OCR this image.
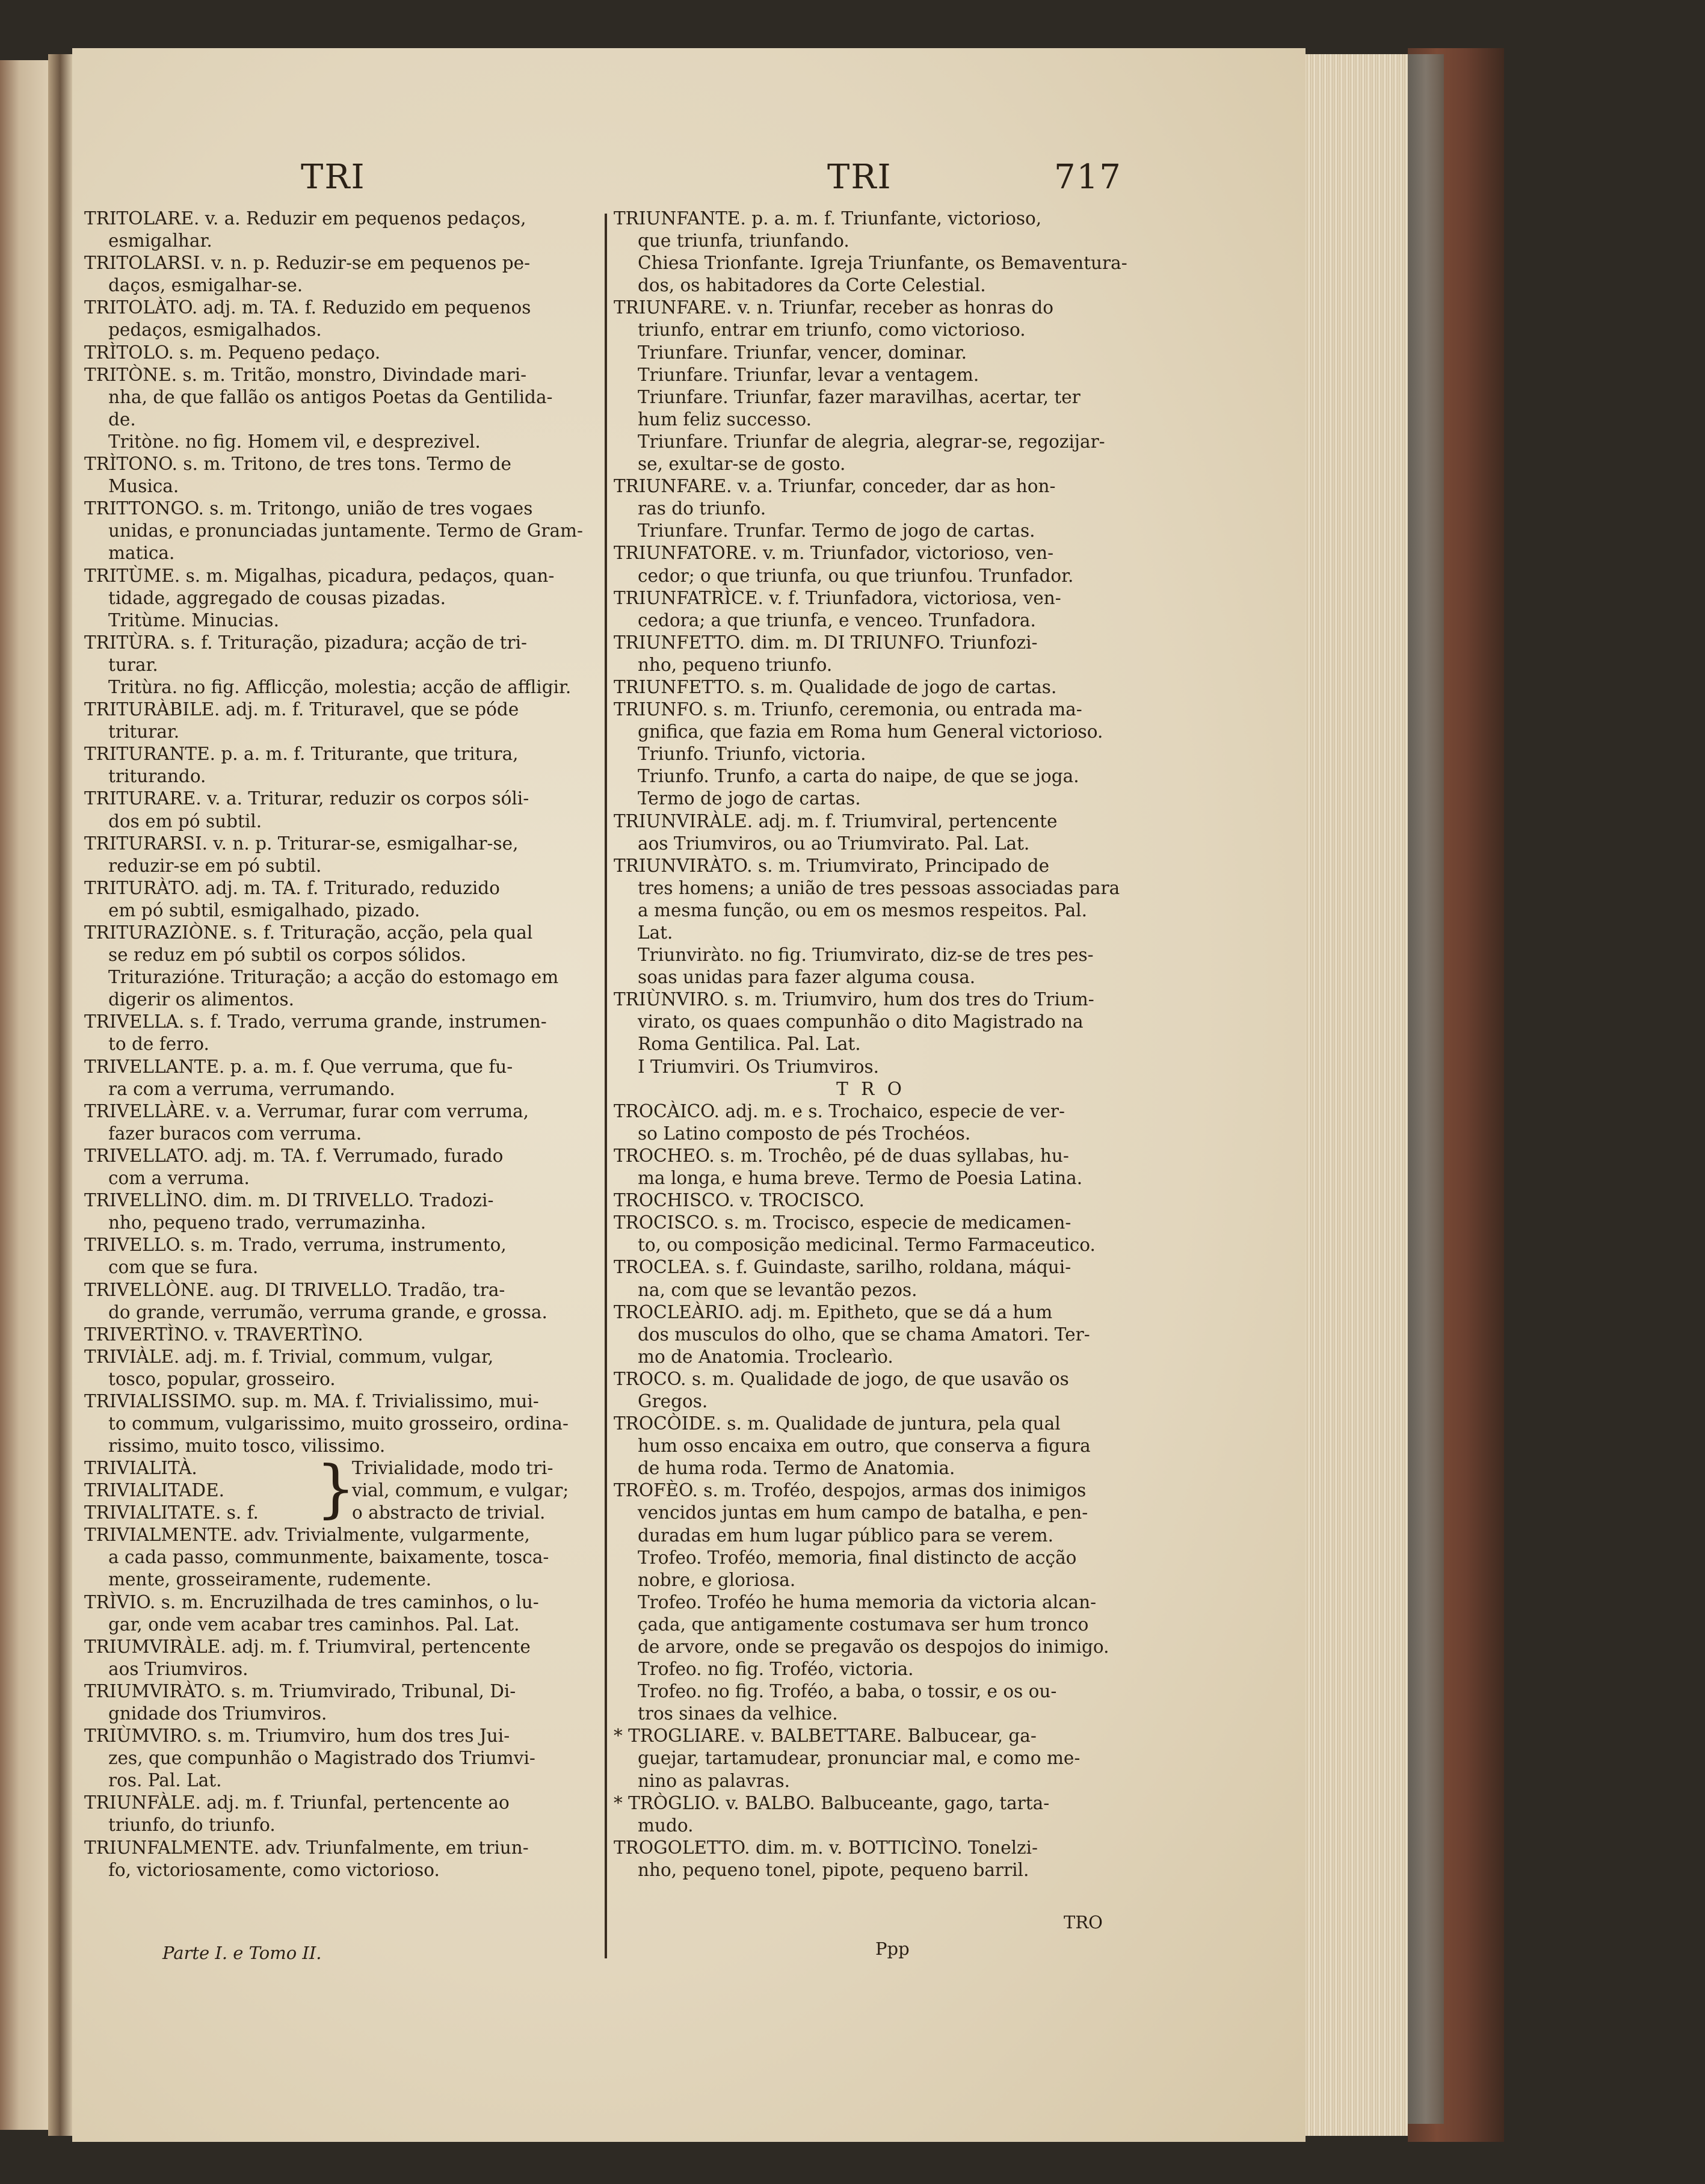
TRI	TRI	717
TRITOLARE. v. a. Reduzir em pequenos pedaços,
esmigalhar.
TRITOLARSI. v. n. p. Reduzir-se em pequenos pe-
daços, esmigalhar-se.
TRITOLÀTO. adj. m. TA. f. Reduzido em pequenos
pedaços, esmigalhados.
TRÌTOLO. s. m. Pequeno pedaço.
TRITÒNE. s. m. Tritão, monstro, Divindade mari-
nha, de que fallão os antigos Poetas da Gentilida-
de.
Tritòne. no fig. Homem vil, e desprezivel.
TRÌTONO. s. m. Tritono, de tres tons. Termo de
Musica.
TRITTONGO. s. m. Tritongo, união de tres vogaes
unidas, e pronunciadas juntamente. Termo de Gram-
matica.
TRITÙME. s. m. Migalhas, picadura, pedaços, quan-
tidade, aggregado de cousas pizadas.
Tritùme. Minucias.
TRITÙRA. s. f. Trituração, pizadura; acção de tri-
turar.
Tritùra. no fig. Afflicção, molestia; acção de affligir.
TRITURÀBILE. adj. m. f. Trituravel, que se póde
triturar.
TRITURANTE. p. a. m. f. Triturante, que tritura,
triturando.
TRITURARE. v. a. Triturar, reduzir os corpos sóli-
dos em pó subtil.
TRITURARSI. v. n. p. Triturar-se, esmigalhar-se,
reduzir-se em pó subtil.
TRITURÀTO. adj. m. TA. f. Triturado, reduzido
em pó subtil, esmigalhado, pizado.
TRITURAZIÒNE. s. f. Trituração, acção, pela qual
se reduz em pó subtil os corpos sólidos.
Triturazióne. Trituração; a acção do estomago em
digerir os alimentos.
TRIVELLA. s. f. Trado, verruma grande, instrumen-
to de ferro.
TRIVELLANTE. p. a. m. f. Que verruma, que fu-
ra com a verruma, verrumando.
TRIVELLÀRE. v. a. Verrumar, furar com verruma,
fazer buracos com verruma.
TRIVELLATO. adj. m. TA. f. Verrumado, furado
com a verruma.
TRIVELLÌNO. dim. m. DI TRIVELLO. Tradozi-
nho, pequeno trado, verrumazinha.
TRIVELLO. s. m. Trado, verruma, instrumento,
com que se fura.
TRIVELLÒNE. aug. DI TRIVELLO. Tradão, tra-
do grande, verrumão, verruma grande, e grossa.
TRIVERTÌNO. v. TRAVERTÌNO.
TRIVIÀLE. adj. m. f. Trivial, commum, vulgar,
tosco, popular, grosseiro.
TRIVIALISSIMO. sup. m. MA. f. Trivialissimo, mui-
to commum, vulgarissimo, muito grosseiro, ordina-
rissimo, muito tosco, vilissimo.
TRIVIALITÀ.
TRIVIALITADE.
TRIVIALITATE. s. f. }
Trivialidade, modo tri-
vial, commum, e vulgar;
o abstracto de trivial.
TRIVIALMENTE. adv. Trivialmente, vulgarmente,
a cada passo, communmente, baixamente, tosca-
mente, grosseiramente, rudemente.
TRÌVIO. s. m. Encruzilhada de tres caminhos, o lu-
gar, onde vem acabar tres caminhos. Pal. Lat.
TRIUMVIRÀLE. adj. m. f. Triumviral, pertencente
aos Triumviros.
TRIUMVIRÀTO. s. m. Triumvirado, Tribunal, Di-
gnidade dos Triumviros.
TRIÙMVIRO. s. m. Triumviro, hum dos tres Jui-
zes, que compunhão o Magistrado dos Triumvi-
ros. Pal. Lat.
TRIUNFÀLE. adj. m. f. Triunfal, pertencente ao
triunfo, do triunfo.
TRIUNFALMENTE. adv. Triunfalmente, em triun-
fo, victoriosamente, como victorioso.
TRIUNFANTE. p. a. m. f. Triunfante, victorioso,
que triunfa, triunfando.
Chiesa Trionfante. Igreja Triunfante, os Bemaventura-
dos, os habitadores da Corte Celestial.
TRIUNFARE. v. n. Triunfar, receber as honras do
triunfo, entrar em triunfo, como victorioso.
Triunfare. Triunfar, vencer, dominar.
Triunfare. Triunfar, levar a ventagem.
Triunfare. Triunfar, fazer maravilhas, acertar, ter
hum feliz successo.
Triunfare. Triunfar de alegria, alegrar-se, regozijar-
se, exultar-se de gosto.
TRIUNFARE. v. a. Triunfar, conceder, dar as hon-
ras do triunfo.
Triunfare. Trunfar. Termo de jogo de cartas.
TRIUNFATORE. v. m. Triunfador, victorioso, ven-
cedor; o que triunfa, ou que triunfou. Trunfador.
TRIUNFATRÌCE. v. f. Triunfadora, victoriosa, ven-
cedora; a que triunfa, e venceo. Trunfadora.
TRIUNFETTO. dim. m. DI TRIUNFO. Triunfozi-
nho, pequeno triunfo.
TRIUNFETTO. s. m. Qualidade de jogo de cartas.
TRIUNFO. s. m. Triunfo, ceremonia, ou entrada ma-
gnifica, que fazia em Roma hum General victorioso.
Triunfo. Triunfo, victoria.
Triunfo. Trunfo, a carta do naipe, de que se joga.
Termo de jogo de cartas.
TRIUNVIRÀLE. adj. m. f. Triumviral, pertencente
aos Triumviros, ou ao Triumvirato. Pal. Lat.
TRIUNVIRÀTO. s. m. Triumvirato, Principado de
tres homens; a união de tres pessoas associadas para
a mesma função, ou em os mesmos respeitos. Pal.
Lat.
Triunviràto. no fig. Triumvirato, diz-se de tres pes-
soas unidas para fazer alguma cousa.
TRIÙNVIRO. s. m. Triumviro, hum dos tres do Trium-
virato, os quaes compunhão o dito Magistrado na
Roma Gentilica. Pal. Lat.
I Triumviri. Os Triumviros.
T R O
TROCÀICO. adj. m. e s. Trochaico, especie de ver-
so Latino composto de pés Trochéos.
TROCHEO. s. m. Trochêo, pé de duas syllabas, hu-
ma longa, e huma breve. Termo de Poesia Latina.
TROCHISCO. v. TROCISCO.
TROCISCO. s. m. Trocisco, especie de medicamen-
to, ou composição medicinal. Termo Farmaceutico.
TROCLEA. s. f. Guindaste, sarilho, roldana, máqui-
na, com que se levantão pezos.
TROCLEÀRIO. adj. m. Epitheto, que se dá a hum
dos musculos do olho, que se chama Amatori. Ter-
mo de Anatomia. Troclearìo.
TROCO. s. m. Qualidade de jogo, de que usavão os
Gregos.
TROCÒIDE. s. m. Qualidade de juntura, pela qual
hum osso encaixa em outro, que conserva a figura
de huma roda. Termo de Anatomia.
TROFÈO. s. m. Troféo, despojos, armas dos inimigos
vencidos juntas em hum campo de batalha, e pen-
duradas em hum lugar público para se verem.
Trofeo. Troféo, memoria, final distincto de acção
nobre, e gloriosa.
Trofeo. Troféo he huma memoria da victoria alcan-
çada, que antigamente costumava ser hum tronco
de arvore, onde se pregavão os despojos do inimigo.
Trofeo. no fig. Troféo, victoria.
Trofeo. no fig. Troféo, a baba, o tossir, e os ou-
tros sinaes da velhice.
* TROGLIARE. v. BALBETTARE. Balbucear, ga-
guejar, tartamudear, pronunciar mal, e como me-
nino as palavras.
* TRÒGLIO. v. BALBO. Balbuceante, gago, tarta-
mudo.
TROGOLETTO. dim. m. v. BOTTICÌNO. Tonelzi-
nho, pequeno tonel, pipote, pequeno barril.
Parte I. e Tomo II.	Ppp
TRO
